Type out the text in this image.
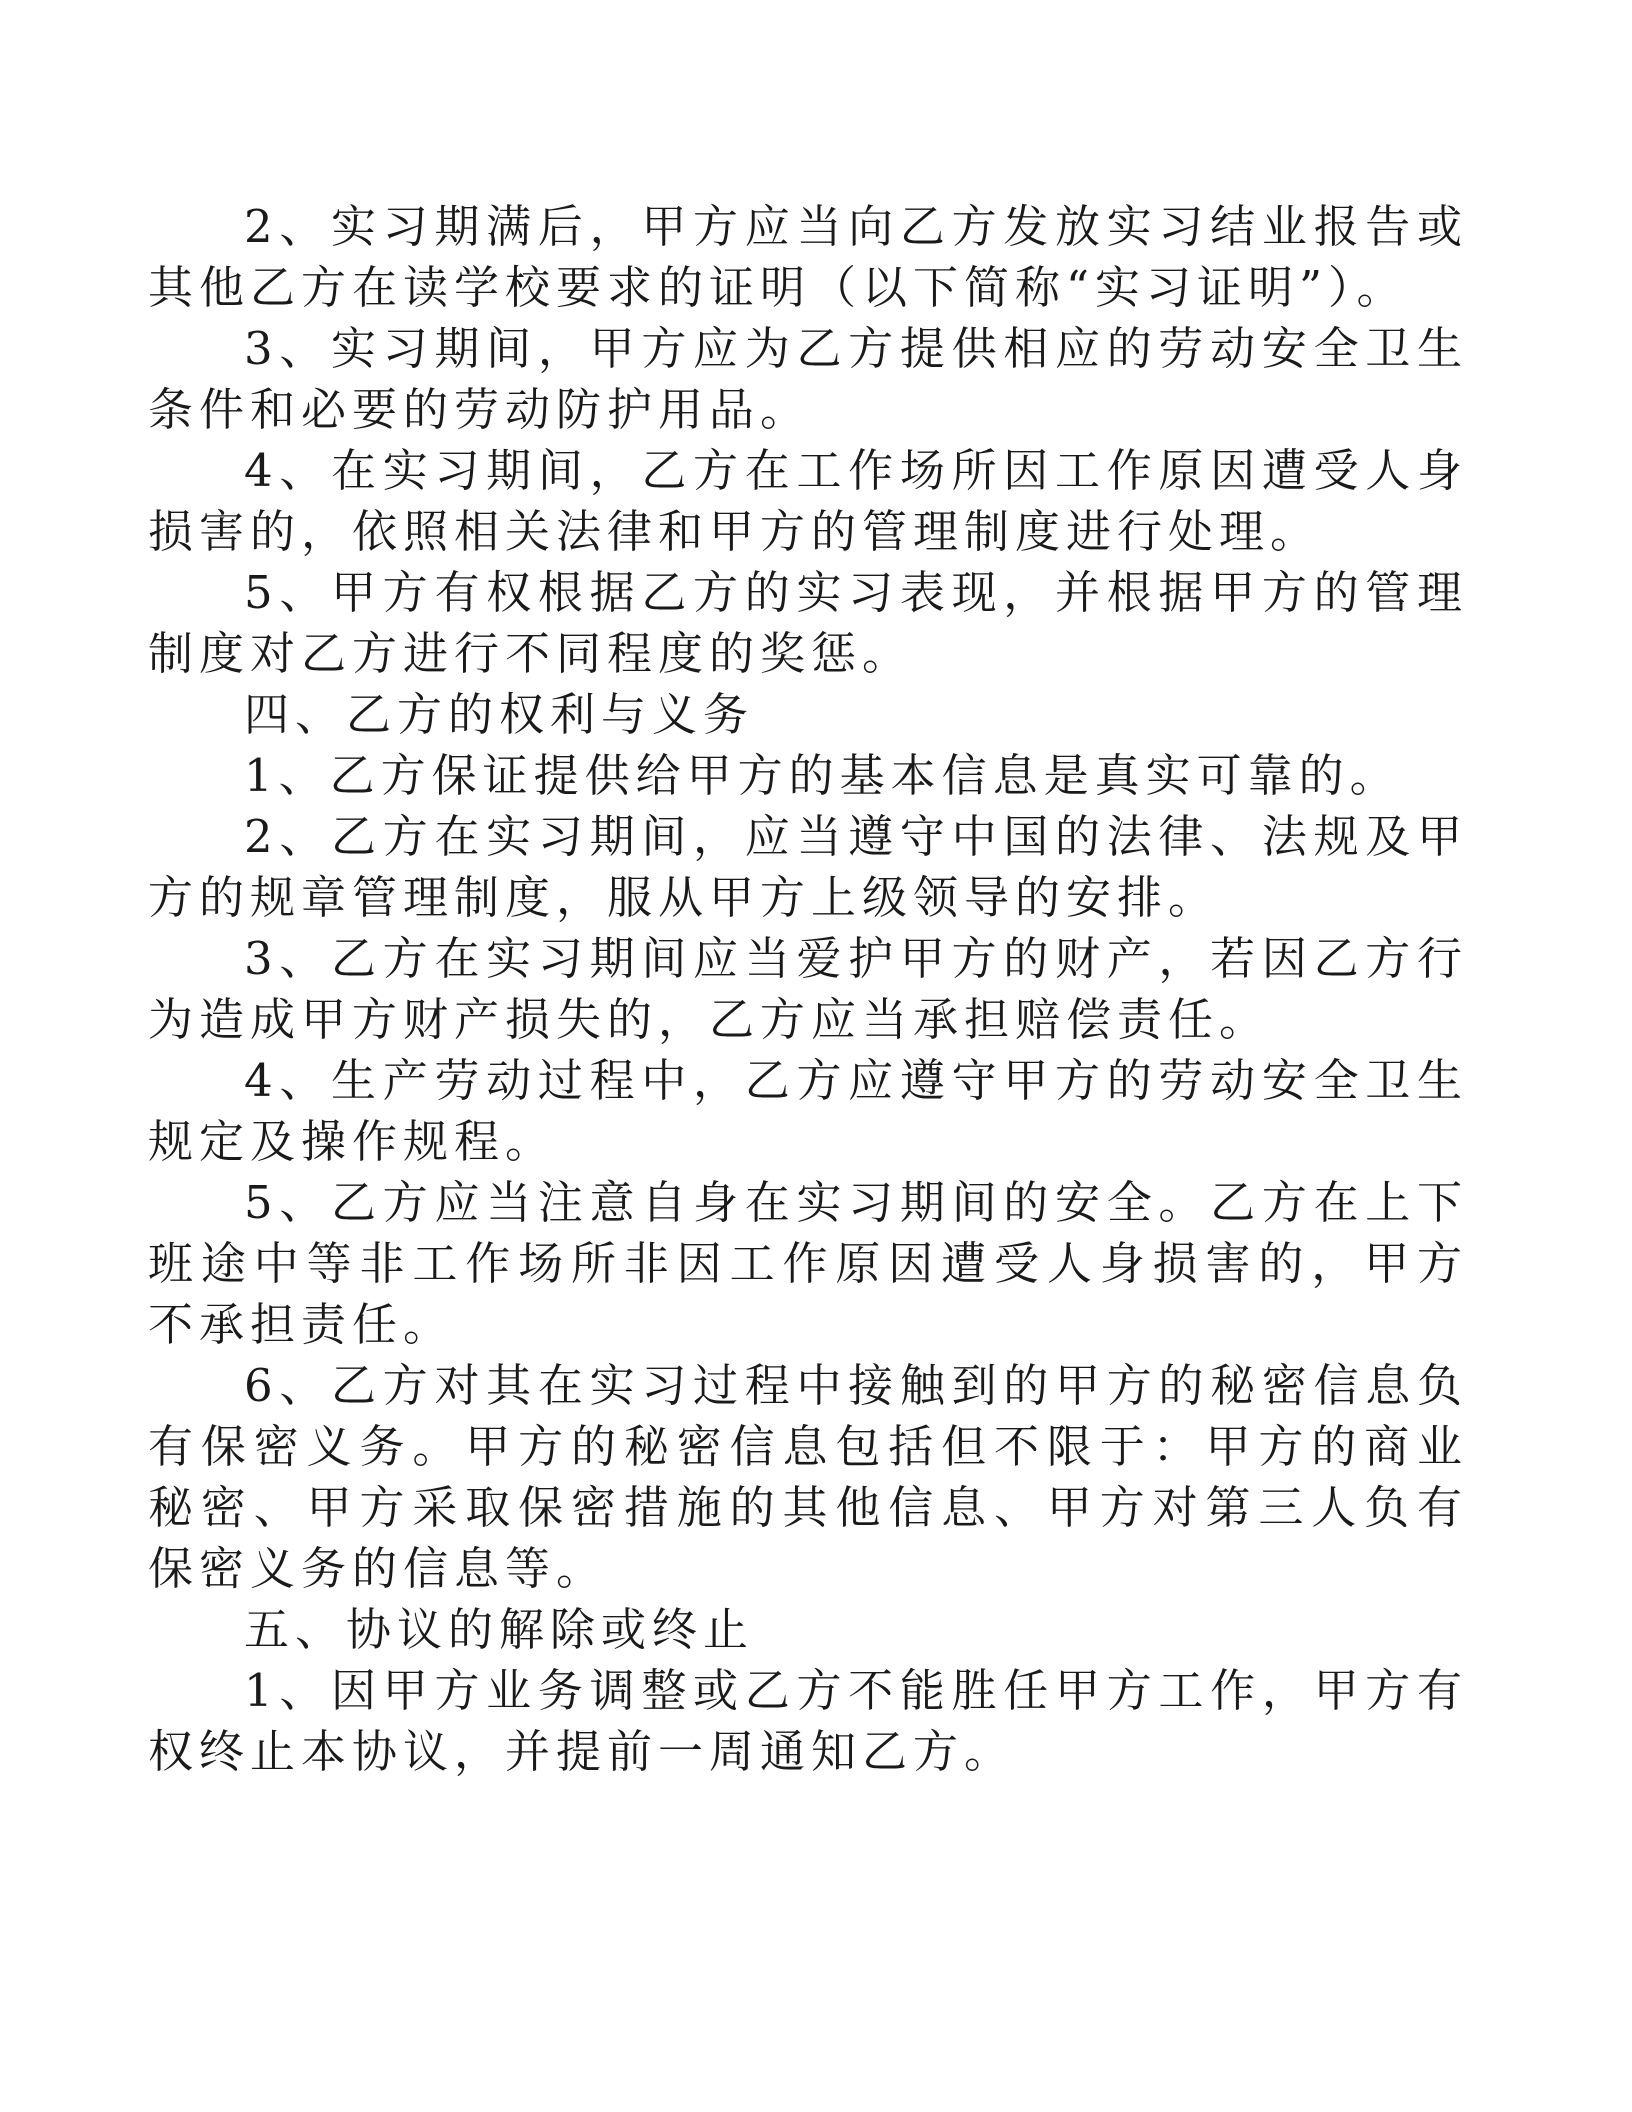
2、实习期满后，甲方应当向乙方发放实习结业报告或其他乙方在读学校要求的证明（以下简称“实习证明”）。

3、实习期间，甲方应为乙方提供相应的劳动安全卫生条件和必要的劳动防护用品。

4、在实习期间，乙方在工作场所因工作原因遭受人身损害的，依照相关法律和甲方的管理制度进行处理。

5、甲方有权根据乙方的实习表现，并根据甲方的管理制度对乙方进行不同程度的奖惩。

四、乙方的权利与义务

1、乙方保证提供给甲方的基本信息是真实可靠的。

2、乙方在实习期间，应当遵守中国的法律、法规及甲方的规章管理制度，服从甲方上级领导的安排。

3、乙方在实习期间应当爱护甲方的财产，若因乙方行为造成甲方财产损失的，乙方应当承担赔偿责任。

4、生产劳动过程中，乙方应遵守甲方的劳动安全卫生规定及操作规程。

5、乙方应当注意自身在实习期间的安全。乙方在上下班途中等非工作场所非因工作原因遭受人身损害的，甲方不承担责任。

6、乙方对其在实习过程中接触到的甲方的秘密信息负有保密义务。甲方的秘密信息包括但不限于：甲方的商业秘密、甲方采取保密措施的其他信息、甲方对第三人负有保密义务的信息等。

五、协议的解除或终止

1、因甲方业务调整或乙方不能胜任甲方工作，甲方有权终止本协议，并提前一周通知乙方。
